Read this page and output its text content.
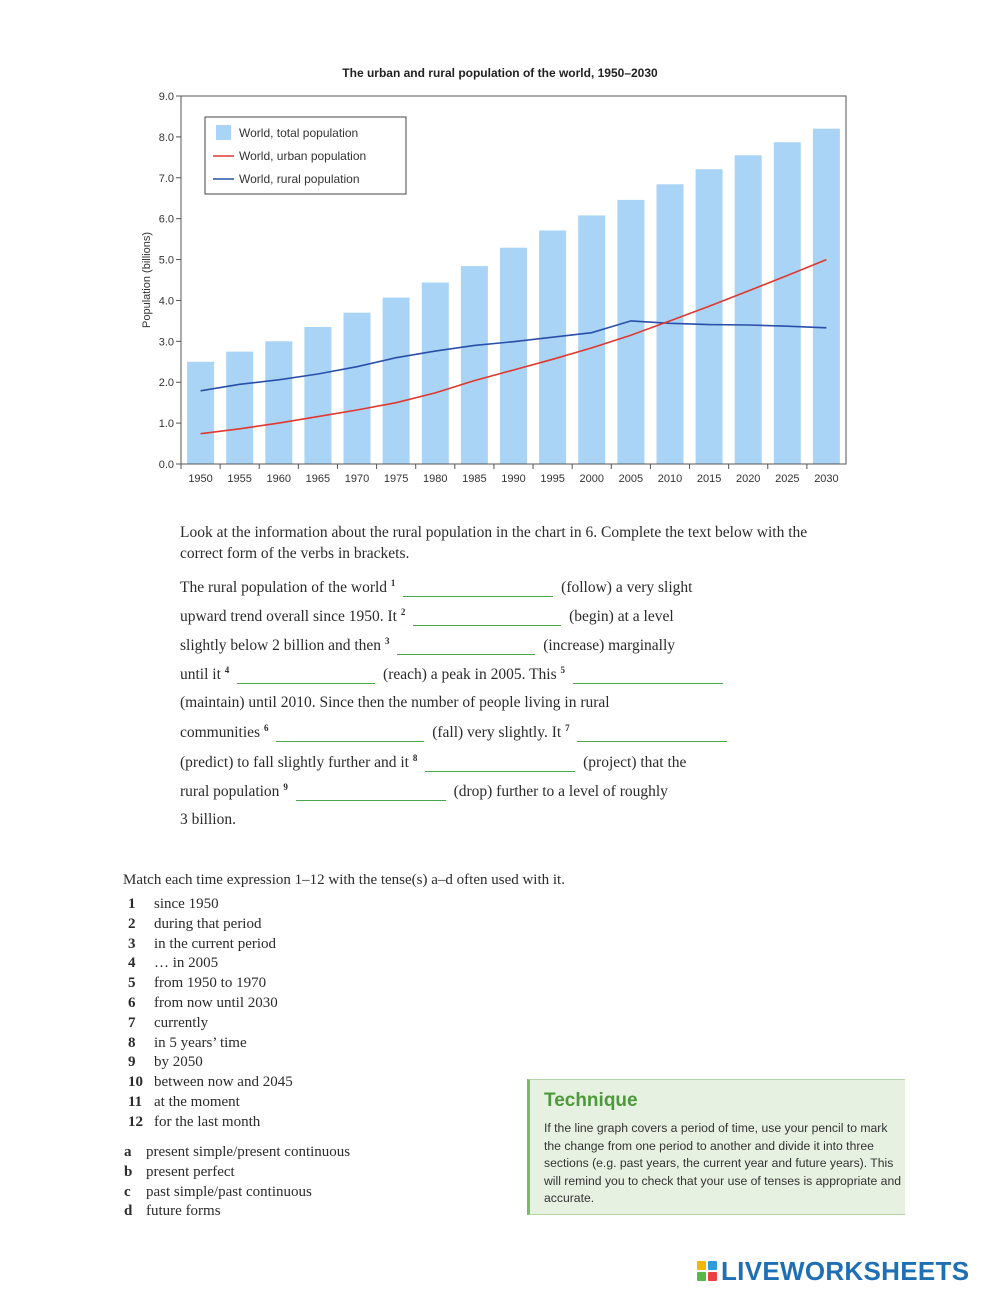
The urban and rural population of the world, 1950–2030
0.0
1.0
2.0
3.0
4.0
5.0
6.0
7.0
8.0
9.0
1950 1955 1960 1965 1970 1975 1980 1985 1990 1995 2000 2005 2010 2015 2020 2025 2030
Population (billions)
World, total population
World, urban population
World, rural population
Look at the information about the rural population in the chart in 6. Complete the text below with the correct form of the verbs in brackets.
The rural population of the world $^1$	(follow) a very slight
upward trend overall since 1950. It $^2$	(begin) at a level
slightly below 2 billion and then $^3$	(increase) marginally
until it $^4$	(reach) a peak in 2005. This $^5$
(maintain) until 2010. Since then the number of people living in rural
communities $^6$	(fall) very slightly. It $^7$
(predict) to fall slightly further and it $^8$	(project) that the
rural population $^9$	(drop) further to a level of roughly
3 billion.
Match each time expression 1–12 with the tense(s) a–d often used with it.
1 since 1950
2 during that period
3 in the current period
4 … in 2005
5 from 1950 to 1970
6 from now until 2030
7 currently
8 in 5 years’ time
9 by 2050
10 between now and 2045
11 at the moment
12 for the last month
a present simple/present continuous
b present perfect
c past simple/past continuous
d future forms
Technique
If the line graph covers a period of time, use your pencil to mark the change from one period to another and divide it into three sections (e.g. past years, the current year and future years). This will remind you to check that your use of tenses is appropriate and accurate.
LIVEWORKSHEETS
